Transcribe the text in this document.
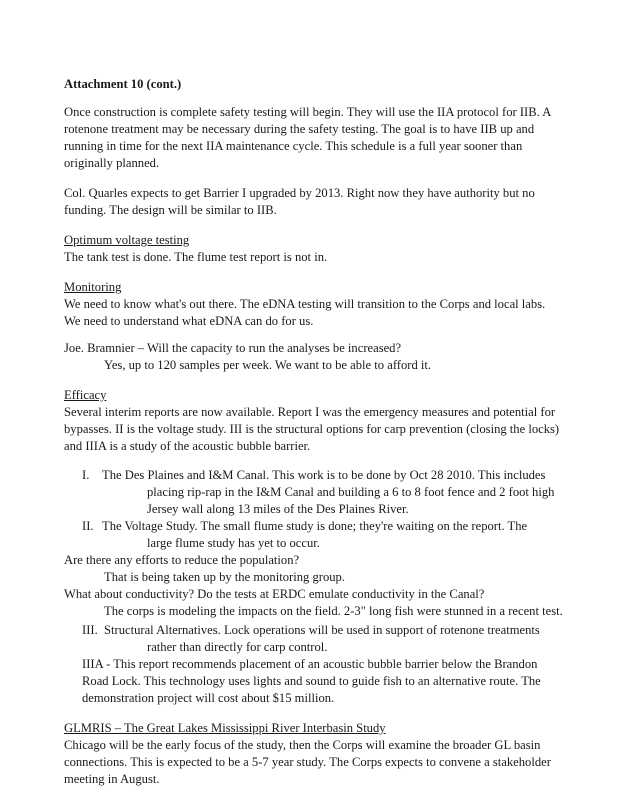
Attachment 10 (cont.)

Once construction is complete safety testing will begin. They will use the IIA protocol for IIB. A rotenone treatment may be necessary during the safety testing. The goal is to have IIB up and running in time for the next IIA maintenance cycle. This schedule is a full year sooner than originally planned.

Col. Quarles expects to get Barrier I upgraded by 2013. Right now they have authority but no funding. The design will be similar to IIB.

Optimum voltage testing

The tank test is done. The flume test report is not in.

Monitoring

We need to know what's out there. The eDNA testing will transition to the Corps and local labs. We need to understand what eDNA can do for us.

Joe. Bramnier – Will the capacity to run the analyses be increased?

Yes, up to 120 samples per week. We want to be able to afford it.

Efficacy

Several interim reports are now available. Report I was the emergency measures and potential for bypasses. II is the voltage study. III is the structural options for carp prevention (closing the locks) and IIIA is a study of the acoustic bubble barrier.

I.	The Des Plaines and I&M Canal. This work is to be done by Oct 28 2010. This includes

placing rip-rap in the I&M Canal and building a 6 to 8 foot fence and 2 foot high Jersey wall along 13 miles of the Des Plaines River.

II. The Voltage Study. The small flume study is done; they're waiting on the report. The

large flume study has yet to occur.

Are there any efforts to reduce the population?

That is being taken up by the monitoring group.

What about conductivity? Do the tests at ERDC emulate conductivity in the Canal?

The corps is modeling the impacts on the field. 2-3" long fish were stunned in a recent test.

III. Structural Alternatives. Lock operations will be used in support of rotenone treatments

rather than directly for carp control.

IIIA - This report recommends placement of an acoustic bubble barrier below the Brandon Road Lock. This technology uses lights and sound to guide fish to an alternative route. The demonstration project will cost about $15 million.

GLMRIS – The Great Lakes Mississippi River Interbasin Study

Chicago will be the early focus of the study, then the Corps will examine the broader GL basin connections. This is expected to be a 5-7 year study. The Corps expects to convene a stakeholder meeting in August.
